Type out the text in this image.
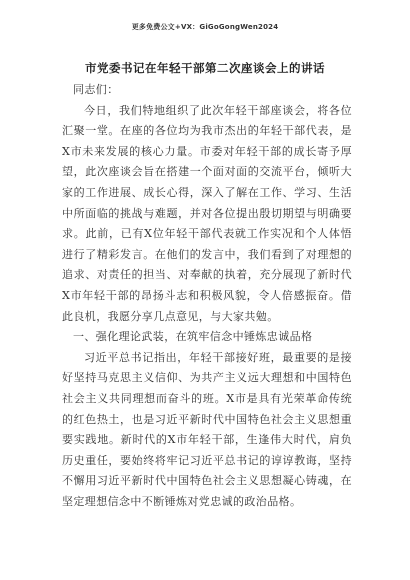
更多免费公文+VX：GiGoGongWen2024
市党委书记在年轻干部第二次座谈会上的讲话

同志们：

今日，我们特地组织了此次年轻干部座谈会，将各位汇聚一堂。在座的各位均为我市杰出的年轻干部代表，是X市未来发展的核心力量。市委对年轻干部的成长寄予厚望，此次座谈会旨在搭建一个面对面的交流平台，倾听大家的工作进展、成长心得，深入了解在工作、学习、生活中所面临的挑战与难题，并对各位提出殷切期望与明确要求。此前，已有X位年轻干部代表就工作实况和个人体悟进行了精彩发言。在他们的发言中，我们看到了对理想的追求、对责任的担当、对奉献的执着，充分展现了新时代X市年轻干部的昂扬斗志和积极风貌，令人倍感振奋。借此良机，我愿分享几点意见，与大家共勉。

一、强化理论武装，在筑牢信念中锤炼忠诚品格

习近平总书记指出，年轻干部接好班，最重要的是接好坚持马克思主义信仰、为共产主义远大理想和中国特色社会主义共同理想而奋斗的班。X市是具有光荣革命传统的红色热土，也是习近平新时代中国特色社会主义思想重要实践地。新时代的X市年轻干部，生逢伟大时代，肩负历史重任，要始终将牢记习近平总书记的谆谆教诲，坚持不懈用习近平新时代中国特色社会主义思想凝心铸魂，在坚定理想信念中不断锤炼对党忠诚的政治品格。
